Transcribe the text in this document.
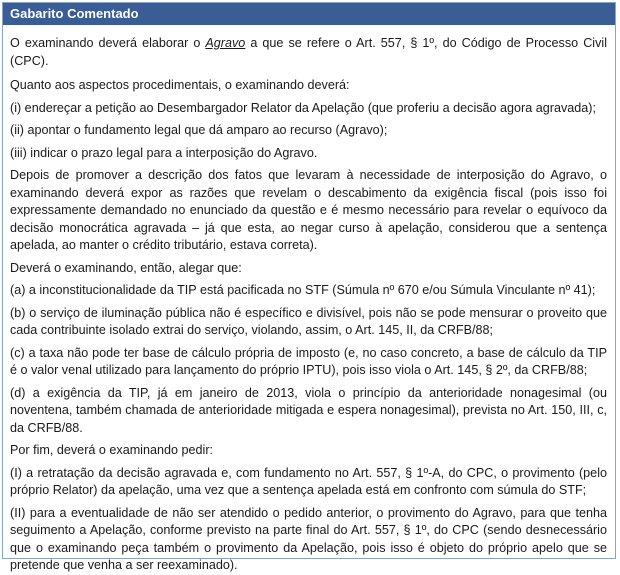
Gabarito Comentado

O examinando deverá elaborar o Agravo a que se refere o Art. 557, § 1º, do Código de Processo Civil (CPC).

Quanto aos aspectos procedimentais, o examinando deverá:

(i) endereçar a petição ao Desembargador Relator da Apelação (que proferiu a decisão agora agravada);

(ii) apontar o fundamento legal que dá amparo ao recurso (Agravo);

(iii) indicar o prazo legal para a interposição do Agravo.

Depois de promover a descrição dos fatos que levaram à necessidade de interposição do Agravo, o examinando deverá expor as razões que revelam o descabimento da exigência fiscal (pois isso foi expressamente demandado no enunciado da questão e é mesmo necessário para revelar o equívoco da decisão monocrática agravada – já que esta, ao negar curso à apelação, considerou que a sentença apelada, ao manter o crédito tributário, estava correta).

Deverá o examinando, então, alegar que:

(a) a inconstitucionalidade da TIP está pacificada no STF (Súmula nº 670 e/ou Súmula Vinculante nº 41);

(b) o serviço de iluminação pública não é específico e divisível, pois não se pode mensurar o proveito que cada contribuinte isolado extrai do serviço, violando, assim, o Art. 145, II, da CRFB/88;

(c) a taxa não pode ter base de cálculo própria de imposto (e, no caso concreto, a base de cálculo da TIP é o valor venal utilizado para lançamento do próprio IPTU), pois isso viola o Art. 145, § 2º, da CRFB/88;

(d) a exigência da TIP, já em janeiro de 2013, viola o princípio da anterioridade nonagesimal (ou noventena, também chamada de anterioridade mitigada e espera nonagesimal), prevista no Art. 150, III, c, da CRFB/88.

Por fim, deverá o examinando pedir:

(I) a retratação da decisão agravada e, com fundamento no Art. 557, § 1º-A, do CPC, o provimento (pelo próprio Relator) da apelação, uma vez que a sentença apelada está em confronto com súmula do STF;

(II) para a eventualidade de não ser atendido o pedido anterior, o provimento do Agravo, para que tenha seguimento a Apelação, conforme previsto na parte final do Art. 557, § 1º, do CPC (sendo desnecessário que o examinando peça também o provimento da Apelação, pois isso é objeto do próprio apelo que se pretende que venha a ser reexaminado).
